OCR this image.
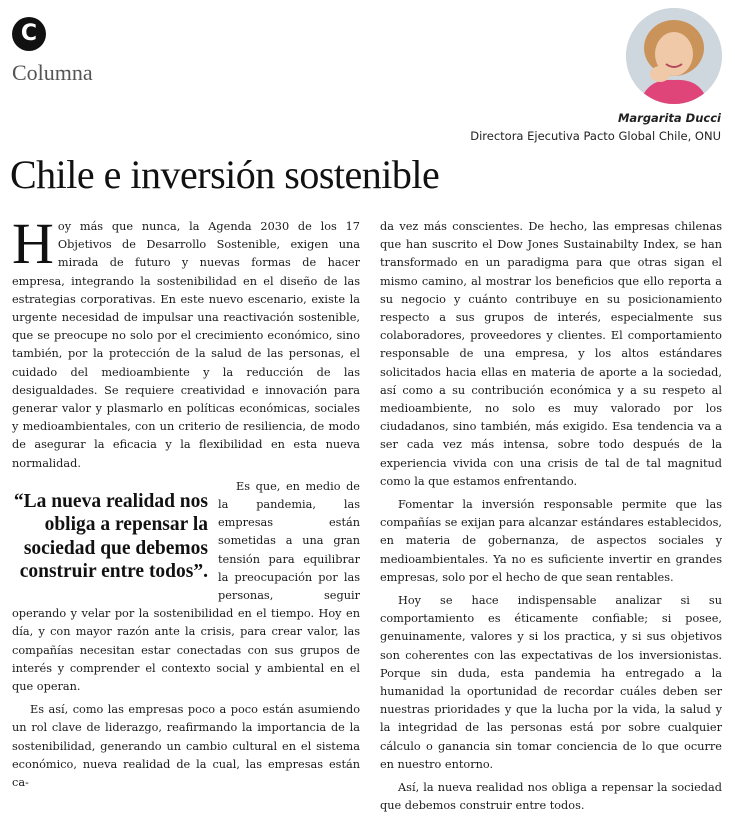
C
Columna
Margarita Ducci
Directora Ejecutiva Pacto Global Chile, ONU
Chile e inversión sostenible

Hoy más que nunca, la Agenda 2030 de los 17 Objetivos de Desarrollo Sostenible, exigen una mirada de futuro y nuevas formas de hacer empresa, integrando la sostenibilidad en el diseño de las estrategias corporativas. En este nuevo escenario, existe la urgente necesidad de impulsar una reactivación sostenible, que se preocupe no solo por el crecimiento económico, sino también, por la protección de la salud de las personas, el cuidado del medioambiente y la reducción de las desigualdades. Se requiere creatividad e innovación para generar valor y plasmarlo en políticas económicas, sociales y medioambientales, con un criterio de resiliencia, de modo de asegurar la eficacia y la flexibilidad en esta nueva normalidad.

“La nueva realidad nos obliga a repensar la sociedad que debemos construir entre todos”.

Es que, en medio de la pandemia, las empresas están sometidas a una gran tensión para equilibrar la preocupación por las personas, seguir operando y velar por la sostenibilidad en el tiempo. Hoy en día, y con mayor razón ante la crisis, para crear valor, las compañías necesitan estar conectadas con sus grupos de interés y comprender el contexto social y ambiental en el que operan.

Es así, como las empresas poco a poco están asumiendo un rol clave de liderazgo, reafirmando la importancia de la sostenibilidad, generando un cambio cultural en el sistema económico, nueva realidad de la cual, las empresas están ca-

da vez más conscientes. De hecho, las empresas chilenas que han suscrito el Dow Jones Sustainabilty Index, se han transformado en un paradigma para que otras sigan el mismo camino, al mostrar los beneficios que ello reporta a su negocio y cuánto contribuye en su posicionamiento respecto a sus grupos de interés, especialmente sus colaboradores, proveedores y clientes. El comportamiento responsable de una empresa, y los altos estándares solicitados hacia ellas en materia de aporte a la sociedad, así como a su contribución económica y a su respeto al medioambiente, no solo es muy valorado por los ciudadanos, sino también, más exigido. Esa tendencia va a ser cada vez más intensa, sobre todo después de la experiencia vivida con una crisis de tal de tal magnitud como la que estamos enfrentando.

Fomentar la inversión responsable permite que las compañías se exijan para alcanzar estándares establecidos, en materia de gobernanza, de aspectos sociales y medioambientales. Ya no es suficiente invertir en grandes empresas, solo por el hecho de que sean rentables.

Hoy se hace indispensable analizar si su comportamiento es éticamente confiable; si posee, genuinamente, valores y si los practica, y si sus objetivos son coherentes con las expectativas de los inversionistas. Porque sin duda, esta pandemia ha entregado a la humanidad la oportunidad de recordar cuáles deben ser nuestras prioridades y que la lucha por la vida, la salud y la integridad de las personas está por sobre cualquier cálculo o ganancia sin tomar conciencia de lo que ocurre en nuestro entorno.

Así, la nueva realidad nos obliga a repensar la sociedad que debemos construir entre todos.
